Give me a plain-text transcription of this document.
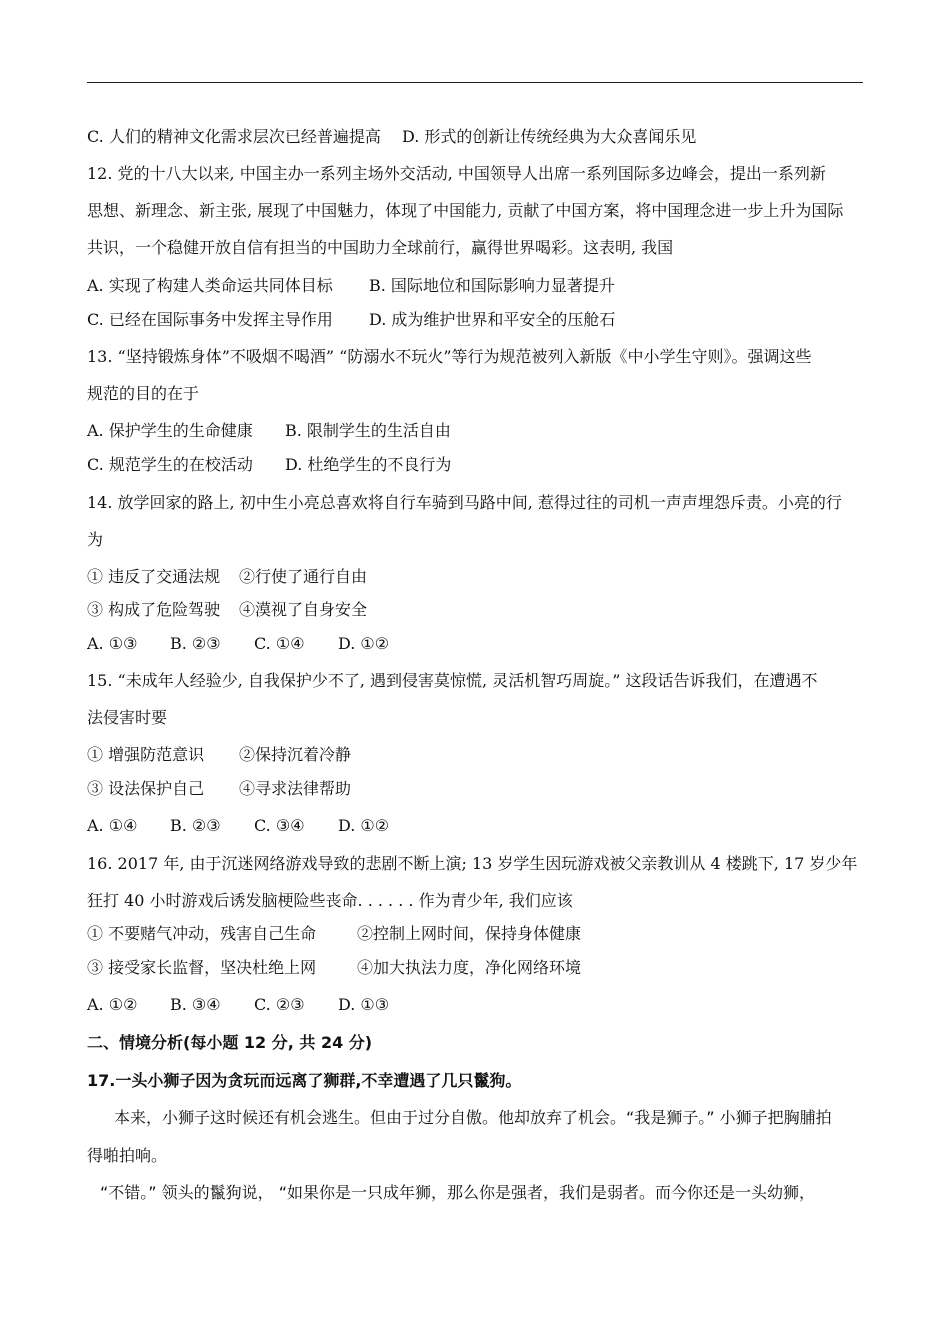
C. 人们的精神文化需求层次已经普遍提高 D. 形式的创新让传统经典为大众喜闻乐见
12. 党的十八大以来, 中国主办一系列主场外交活动, 中国领导人出席一系列国际多边峰会，提出一系列新
思想、新理念、新主张, 展现了中国魅力，体现了中国能力, 贡献了中国方案，将中国理念进一步上升为国际
共识，一个稳健开放自信有担当的中国助力全球前行，赢得世界喝彩。这表明, 我国
A. 实现了构建人类命运共同体目标 B. 国际地位和国际影响力显著提升
C. 已经在国际事务中发挥主导作用 D. 成为维护世界和平安全的压舱石
13. “坚持锻炼身体”不吸烟不喝酒” “防溺水不玩火”等行为规范被列入新版《中小学生守则》。强调这些
规范的目的在于
A. 保护学生的生命健康 B. 限制学生的生活自由
C. 规范学生的在校活动 D. 杜绝学生的不良行为
14. 放学回家的路上, 初中生小亮总喜欢将自行车骑到马路中间, 惹得过往的司机一声声埋怨斥责。小亮的行
为
① 违反了交通法规 ②行使了通行自由
③ 构成了危险驾驶 ④漠视了自身安全
A. ①③ B. ②③ C. ①④ D. ①②
15. “未成年人经验少, 自我保护少不了, 遇到侵害莫惊慌, 灵活机智巧周旋。” 这段话告诉我们，在遭遇不
法侵害时要
① 增强防范意识 ②保持沉着冷静
③ 设法保护自己 ④寻求法律帮助
A. ①④ B. ②③ C. ③④ D. ①②
16. 2017 年, 由于沉迷网络游戏导致的悲剧不断上演; 13 岁学生因玩游戏被父亲教训从 4 楼跳下, 17 岁少年
狂打 40 小时游戏后诱发脑梗险些丧命. . . . . . 作为青少年, 我们应该
① 不要赌气冲动，残害自己生命	②控制上网时间，保持身体健康
③ 接受家长监督，坚决杜绝上网	④加大执法力度，净化网络环境
A. ①② B. ③④ C. ②③ D. ①③
二、情境分析(每小题 12 分, 共 24 分)
17.一头小狮子因为贪玩而远离了狮群,不幸遭遇了几只鬣狗。
本来，小狮子这时候还有机会逃生。但由于过分自傲。他却放弃了机会。“我是狮子。” 小狮子把胸脯拍
得啪拍响。
“不错。” 领头的鬣狗说， “如果你是一只成年狮，那么你是强者，我们是弱者。而今你还是一头幼狮，
